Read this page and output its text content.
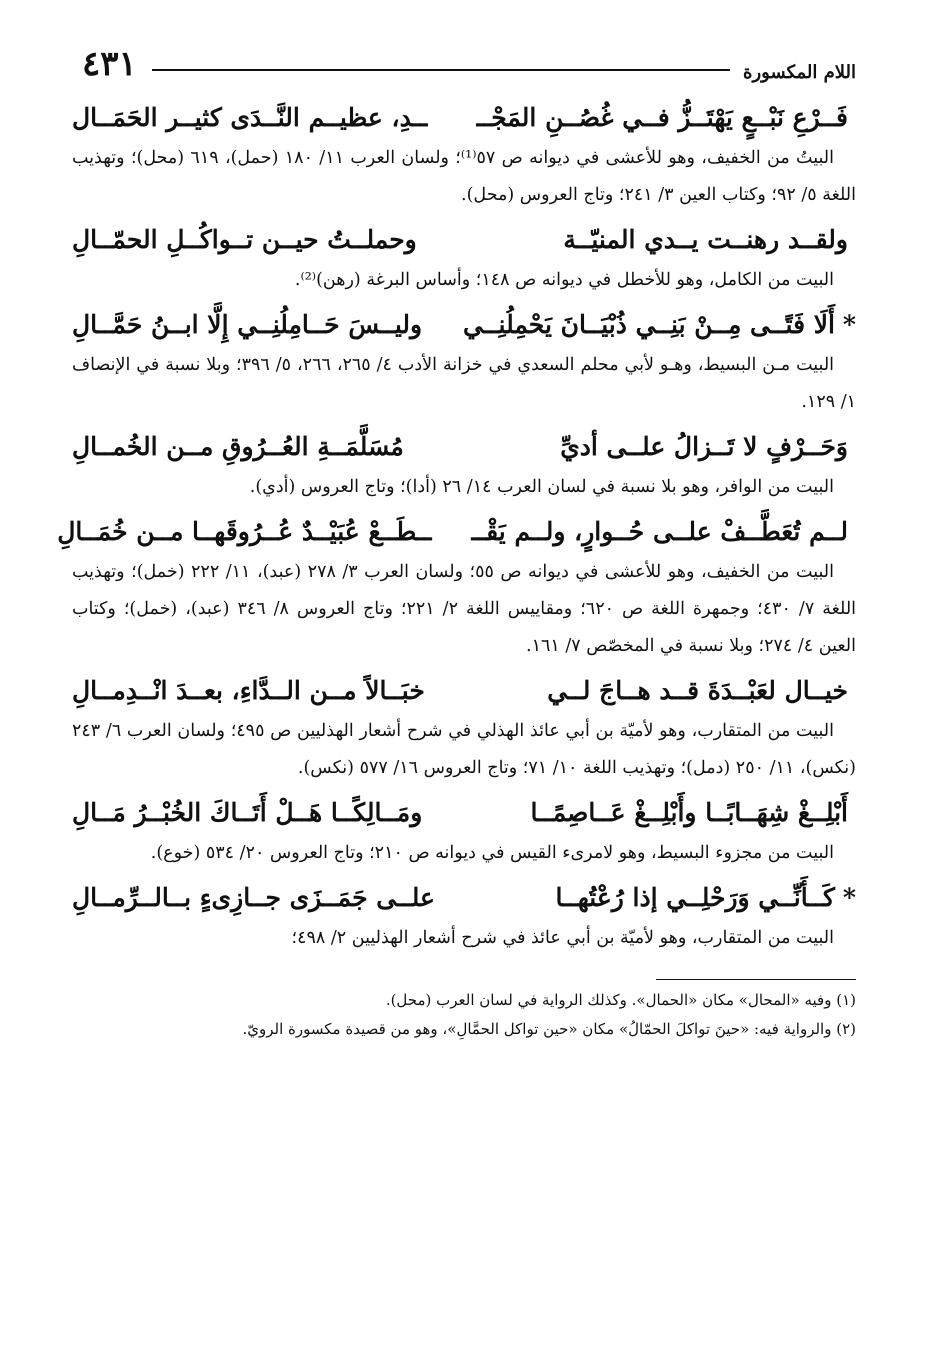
٤٣١	اللام المكسورة
فَــرْعِ نَبْــعٍ يَهْتَــزُّ فــي غُصُــنِ المَجْــ
ــدِ، عظيــم النَّــدَى كثيــر الحَمَــال

البيتُ من الخفيف، وهو للأعشى في ديوانه ص ٥٧⁽¹⁾؛ ولسان العرب ١١/ ١٨٠ (حمل)، ٦١٩ (محل)؛ وتهذيب اللغة ٥/ ٩٢؛ وكتاب العين ٣/ ٢٤١؛ وتاج العروس (محل).

ولقــد رهنــت يــدي المنيّــة
وحملــتُ حيــن تــواكُــلِ الحمّــالِ

البيت من الكامل، وهو للأخطل في ديوانه ص ١٤٨؛ وأساس البرغة (رهن)⁽²⁾.

*
أَلَا فَتًــى مِــنْ بَنِــي ذُبْيَــانَ يَحْمِلُنِــي
وليــسَ حَــامِلُنِــي إِلَّا ابــنُ حَمَّــالِ

البيت مـن البسيط، وهـو لأبي محلم السعدي في خزانة الأدب ٤/ ٢٦٥، ٢٦٦، ٥/ ٣٩٦؛ وبلا نسبة في الإنصاف ١/ ١٢٩.

وَحَــرْفٍ لا تَــزالُ علــى أديِّ
مُسَلَّمَــةِ العُــرُوقِ مــن الخُمــالِ

البيت من الوافر، وهو بلا نسبة في لسان العرب ١٤/ ٢٦ (أدا)؛ وتاج العروس (أدي).

لــم تُعَطَّــفْ علــى حُــوارٍ، ولــم يَقْــ
ــطَــعْ عُبَيْــدٌ عُــرُوقَهــا مــن خُمَــالِ

البيت من الخفيف، وهو للأعشى في ديوانه ص ٥٥؛ ولسان العرب ٣/ ٢٧٨ (عبد)، ١١/ ٢٢٢ (خمل)؛ وتهذيب اللغة ٧/ ٤٣٠؛ وجمهرة اللغة ص ٦٢٠؛ ومقاييس اللغة ٢/ ٢٢١؛ وتاج العروس ٨/ ٣٤٦ (عبد)، (خمل)؛ وكتاب العين ٤/ ٢٧٤؛ وبلا نسبة في المخصّص ٧/ ١٦١.

خيــال لعَبْــدَةَ قــد هــاجَ لــي
خبَــالاً مــن الــدَّاءِ، بعــدَ انْــدِمــالِ

البيت من المتقارب، وهو لأميّة بن أبي عائذ الهذلي في شرح أشعار الهذليين ص ٤٩٥؛ ولسان العرب ٦/ ٢٤٣ (نكس)، ١١/ ٢٥٠ (دمل)؛ وتهذيب اللغة ١٠/ ٧١؛ وتاج العروس ١٦/ ٥٧٧ (نكس).

أَبْلِــغْ شِهَــابًــا وأَبْلِــغْ عَــاصِمًــا
ومَــالِكًــا هَــلْ أَتَــاكَ الخُبْــرُ مَــالِ

البيت من مجزوء البسيط، وهو لامرىء القيس في ديوانه ص ٢١٠؛ وتاج العروس ٢٠/ ٥٣٤ (خوع).

*
كَــأَنِّــي وَرَحْلِــي إذا رُعْتُهــا
علــى جَمَــزَى جــازِىءٍ بــالــرِّمــالِ

البيت من المتقارب، وهو لأميّة بن أبي عائذ في شرح أشعار الهذليين ٢/ ٤٩٨؛

(١) وفيه «المحال» مكان «الحمال». وكذلك الرواية في لسان العرب (محل).
(٢) والرواية فيه: «حينَ تواكلَ الحمّالُ» مكان «حين تواكل الحمَّالِ»، وهو من قصيدة مكسورة الرويّ.
